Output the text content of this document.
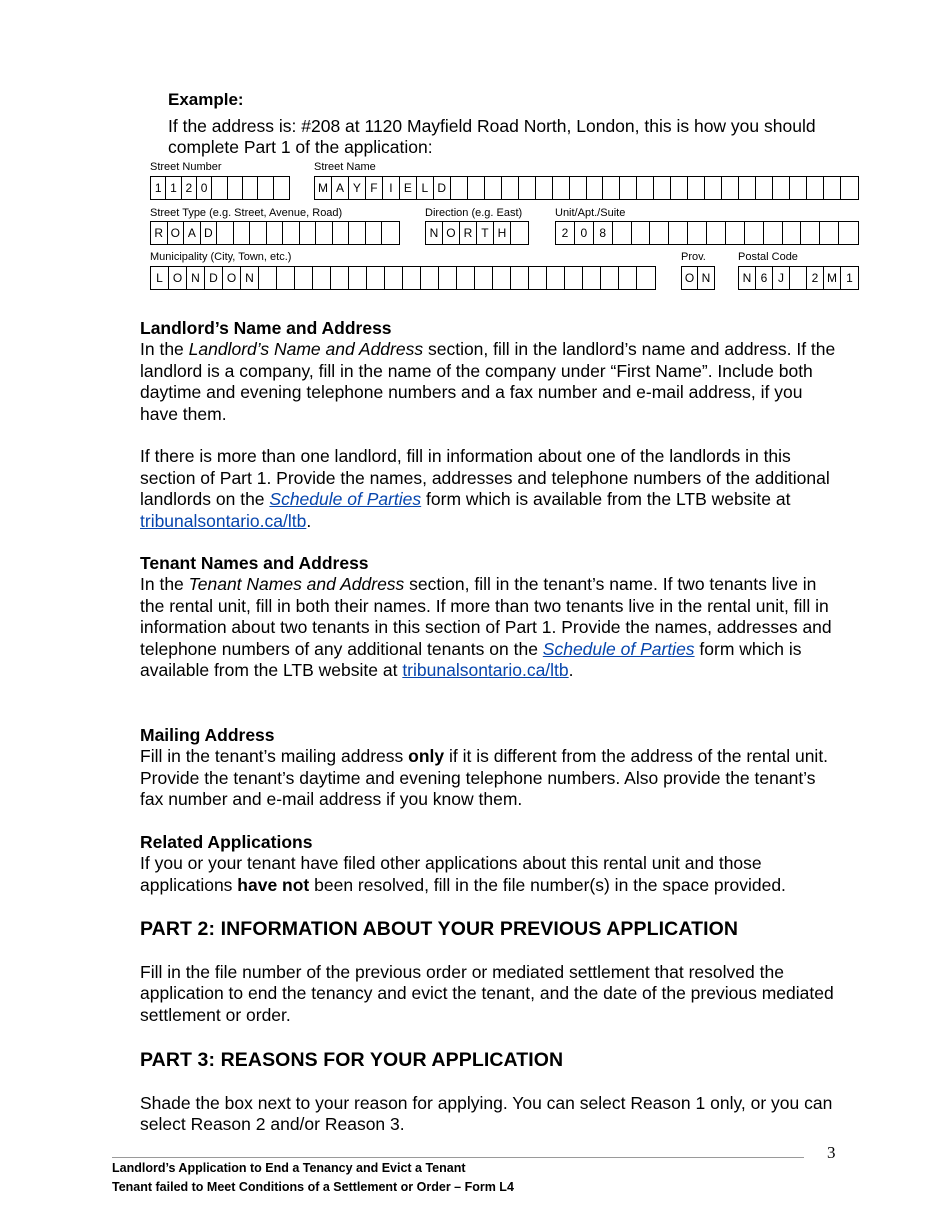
Example:
If the address is: #208 at 1120 Mayfield Road North, London, this is how you should complete Part 1 of the application:
Street Number
1 1 2 0
Street Name
M A Y F I E L D
Street Type (e.g. Street, Avenue, Road)
R O A D
Direction (e.g. East)
N O R T H
Unit/Apt./Suite
2	0	8
Municipality (City, Town, etc.)
L O N D O N
Prov.
O N
Postal Code
N 6 J	2 M 1
Landlord’s Name and Address

In the Landlord’s Name and Address section, fill in the landlord’s name and address. If the landlord is a company, fill in the name of the company under “First Name”. Include both daytime and evening telephone numbers and a fax number and e-mail address, if you have them.

If there is more than one landlord, fill in information about one of the landlords in this section of Part 1. Provide the names, addresses and telephone numbers of the additional landlords on the Schedule of Parties form which is available from the LTB website at tribunalsontario.ca/ltb.

Tenant Names and Address

In the Tenant Names and Address section, fill in the tenant’s name. If two tenants live in the rental unit, fill in both their names. If more than two tenants live in the rental unit, fill in information about two tenants in this section of Part 1. Provide the names, addresses and telephone numbers of any additional tenants on the Schedule of Parties form which is available from the LTB website at tribunalsontario.ca/ltb.

Mailing Address

Fill in the tenant’s mailing address only if it is different from the address of the rental unit. Provide the tenant’s daytime and evening telephone numbers. Also provide the tenant’s fax number and e-mail address if you know them.

Related Applications

If you or your tenant have filed other applications about this rental unit and those applications have not been resolved, fill in the file number(s) in the space provided.

PART 2: INFORMATION ABOUT YOUR PREVIOUS APPLICATION
Fill in the file number of the previous order or mediated settlement that resolved the application to end the tenancy and evict the tenant, and the date of the previous mediated settlement or order.
PART 3: REASONS FOR YOUR APPLICATION
Shade the box next to your reason for applying. You can select Reason 1 only, or you can select Reason 2 and/or Reason 3.
3
Landlord’s Application to End a Tenancy and Evict a Tenant
Tenant failed to Meet Conditions of a Settlement or Order – Form L4
